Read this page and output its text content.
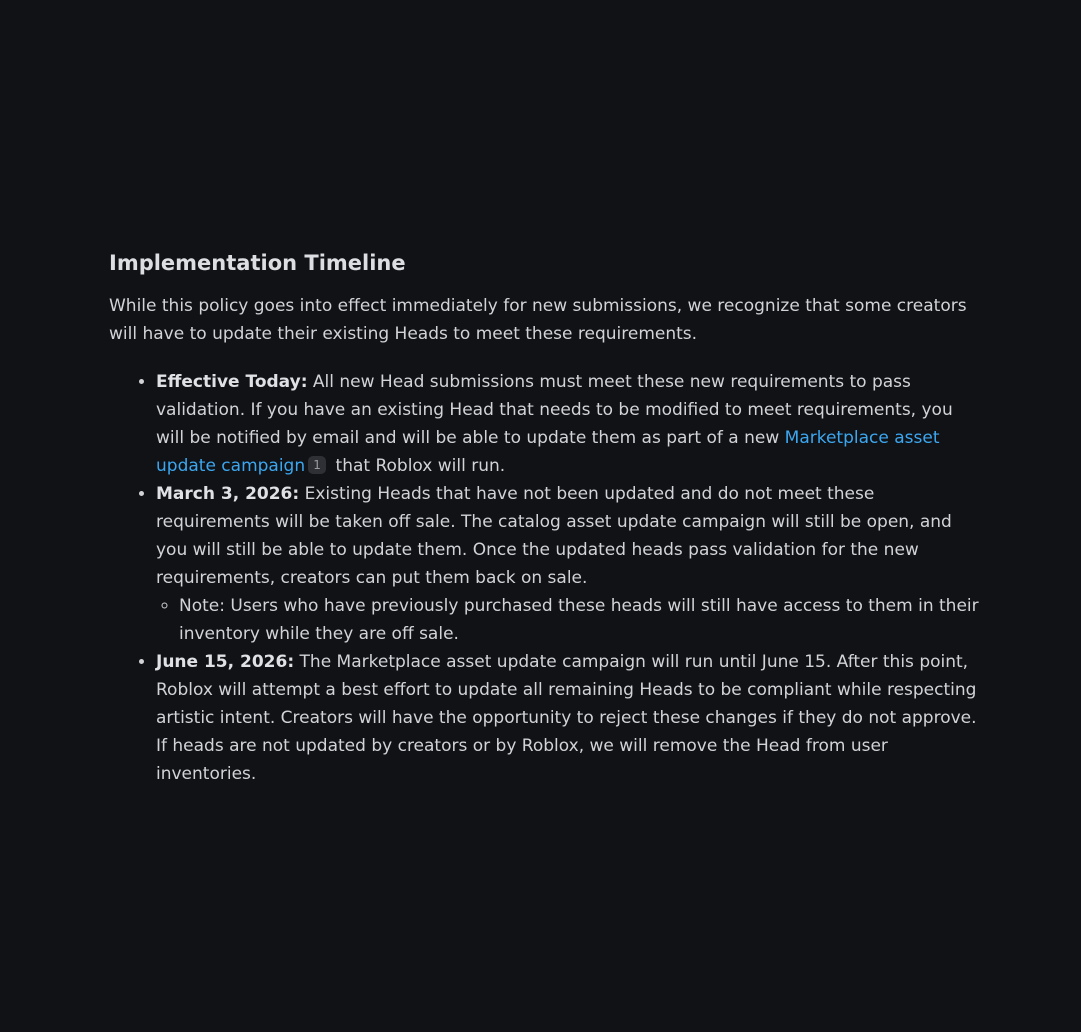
Implementation Timeline

While this policy goes into effect immediately for new submissions, we recognize that some creators will have to update their existing Heads to meet these requirements.

• Effective Today: All new Head submissions must meet these new requirements to pass validation. If you have an existing Head that needs to be modified to meet requirements, you will be notified by email and will be able to update them as part of a new Marketplace asset update campaign 1 that Roblox will run.
• March 3, 2026: Existing Heads that have not been updated and do not meet these requirements will be taken off sale. The catalog asset update campaign will still be open, and you will still be able to update them. Once the updated heads pass validation for the new requirements, creators can put them back on sale.
◦ Note: Users who have previously purchased these heads will still have access to them in their inventory while they are off sale.
• June 15, 2026: The Marketplace asset update campaign will run until June 15. After this point, Roblox will attempt a best effort to update all remaining Heads to be compliant while respecting artistic intent. Creators will have the opportunity to reject these changes if they do not approve. If heads are not updated by creators or by Roblox, we will remove the Head from user inventories.
